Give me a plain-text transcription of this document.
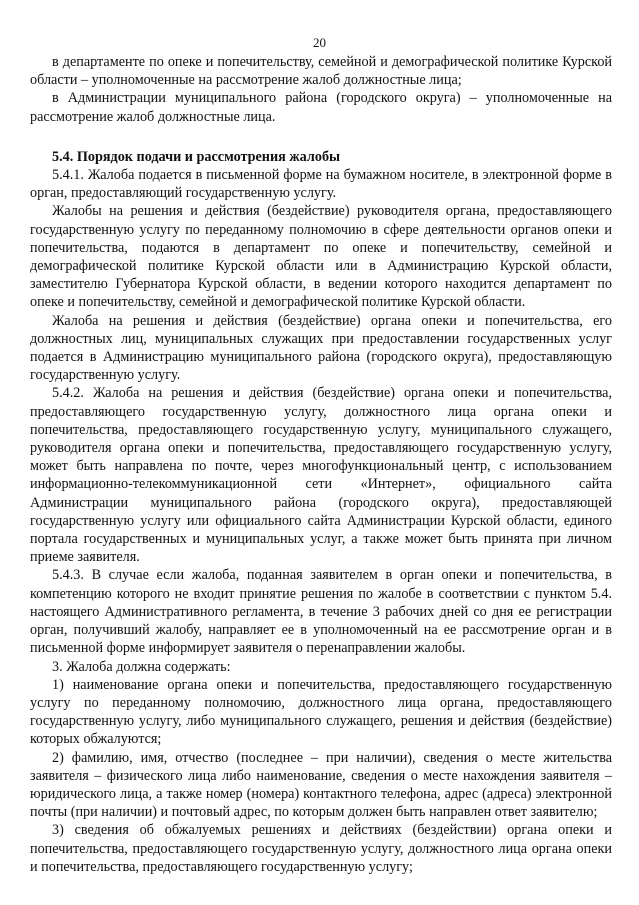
20

в департаменте по опеке и попечительству, семейной и демографической политике Курской области – уполномоченные на рассмотрение жалоб должностные лица;

в Администрации муниципального района (городского округа) – уполномоченные на рассмотрение жалоб должностные лица.

5.4. Порядок подачи и рассмотрения жалобы

5.4.1. Жалоба подается в письменной форме на бумажном носителе, в электронной форме в орган, предоставляющий государственную услугу.

Жалобы на решения и действия (бездействие) руководителя органа, предоставляющего государственную услугу по переданному полномочию в сфере деятельности органов опеки и попечительства, подаются в департамент по опеке и попечительству, семейной и демографической политике Курской области или в Администрацию Курской области, заместителю Губернатора Курской области, в ведении которого находится департамент по опеке и попечительству, семейной и демографической политике Курской области.

Жалоба на решения и действия (бездействие) органа опеки и попечительства, его должностных лиц, муниципальных служащих при предоставлении государственных услуг подается в Администрацию муниципального района (городского округа), предоставляющую государственную услугу.

5.4.2. Жалоба на решения и действия (бездействие) органа опеки и попечительства, предоставляющего государственную услугу, должностного лица органа опеки и попечительства, предоставляющего государственную услугу, муниципального служащего, руководителя органа опеки и попечительства, предоставляющего государственную услугу, может быть направлена по почте, через многофункциональный центр, с использованием информационно-телекоммуникационной сети «Интернет», официального сайта Администрации муниципального района (городского округа), предоставляющей государственную услугу или официального сайта Администрации Курской области, единого портала государственных и муниципальных услуг, а также может быть принята при личном приеме заявителя.

5.4.3. В случае если жалоба, поданная заявителем в орган опеки и попечительства, в компетенцию которого не входит принятие решения по жалобе в соответствии с пунктом 5.4. настоящего Административного регламента, в течение 3 рабочих дней со дня ее регистрации орган, получивший жалобу, направляет ее в уполномоченный на ее рассмотрение орган и в письменной форме информирует заявителя о перенаправлении жалобы.

3. Жалоба должна содержать:

1) наименование органа опеки и попечительства, предоставляющего государственную услугу по переданному полномочию, должностного лица органа, предоставляющего государственную услугу, либо муниципального служащего, решения и действия (бездействие) которых обжалуются;

2) фамилию, имя, отчество (последнее – при наличии), сведения о месте жительства заявителя – физического лица либо наименование, сведения о месте нахождения заявителя – юридического лица, а также номер (номера) контактного телефона, адрес (адреса) электронной почты (при наличии) и почтовый адрес, по которым должен быть направлен ответ заявителю;

3) сведения об обжалуемых решениях и действиях (бездействии) органа опеки и попечительства, предоставляющего государственную услугу, должностного лица органа опеки и попечительства, предоставляющего государственную услугу;
